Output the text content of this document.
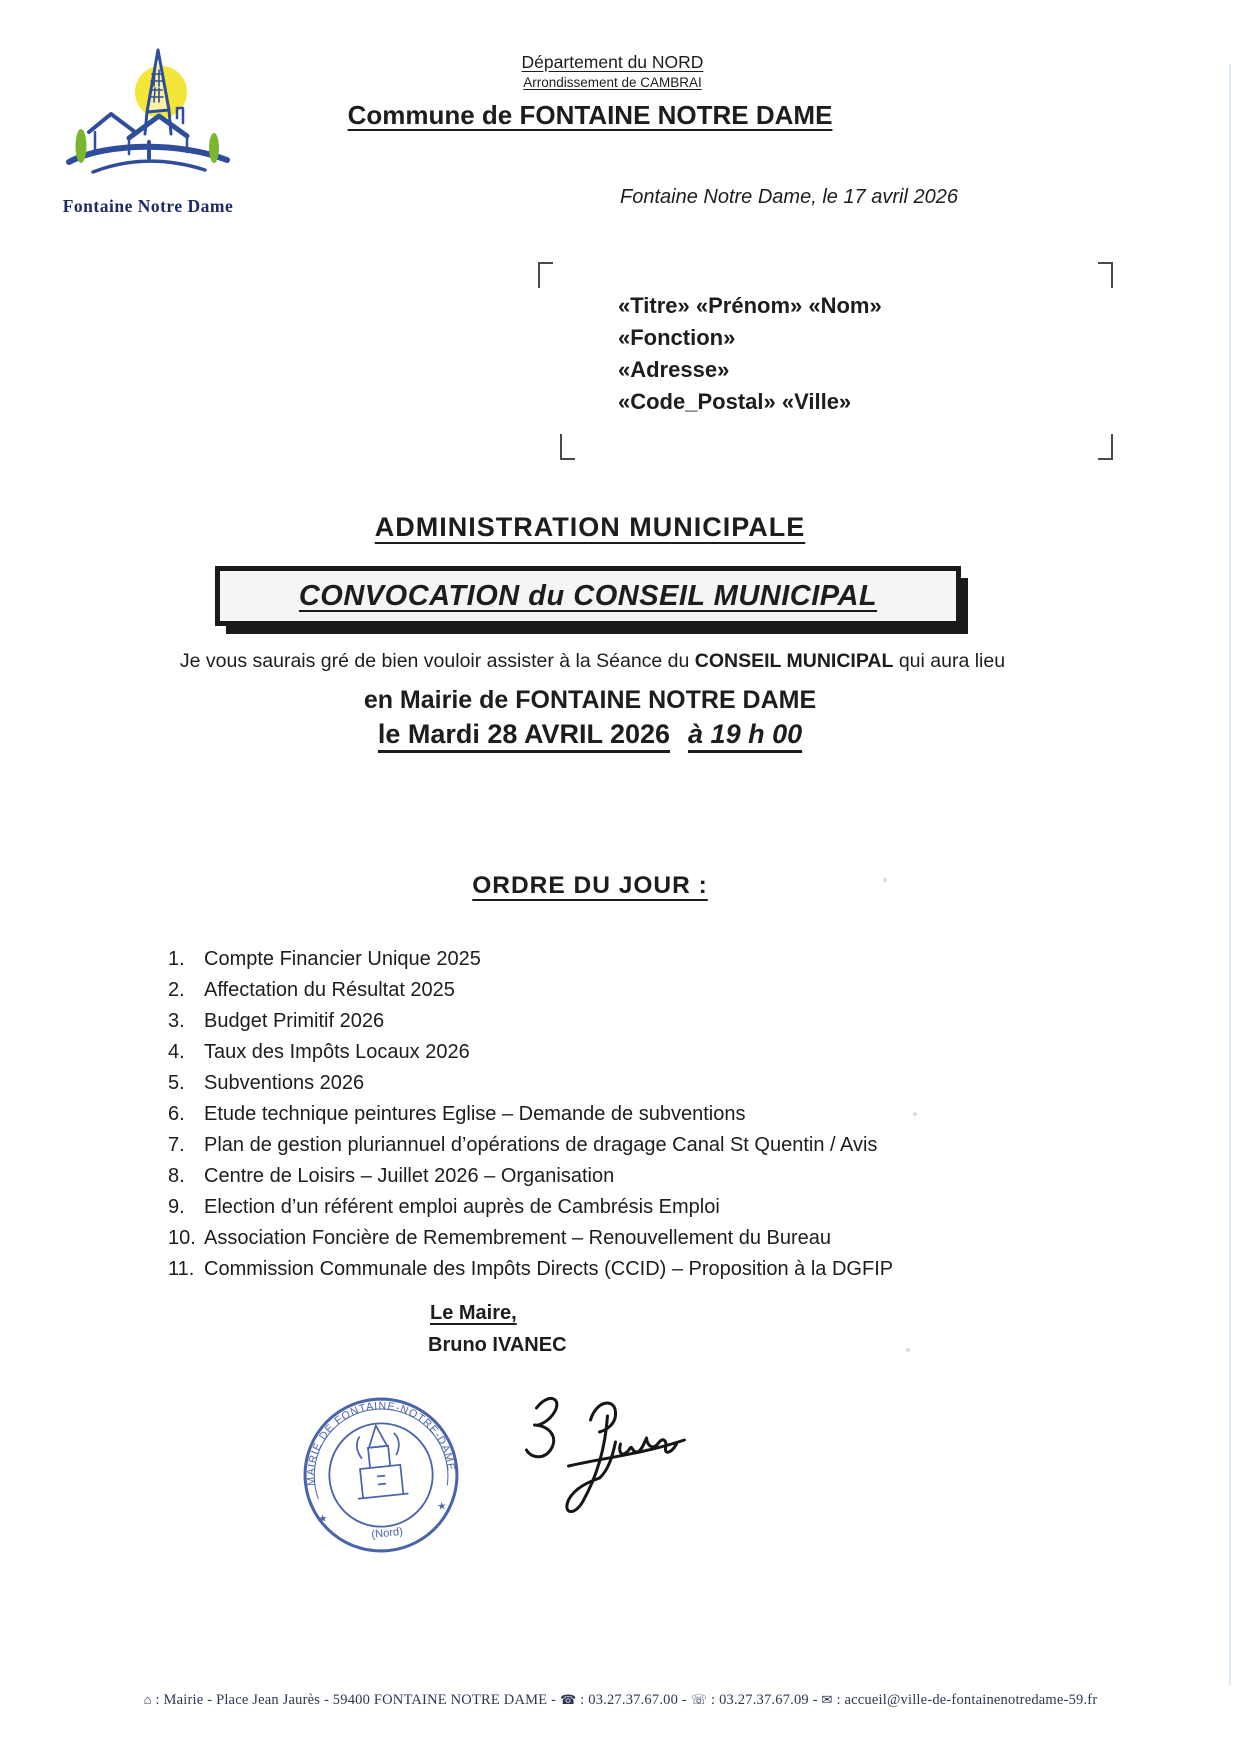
Fontaine Notre Dame
Département du NORD
Arrondissement de CAMBRAI
Commune de FONTAINE NOTRE DAME
Fontaine Notre Dame, le 17 avril 2026
«Titre» «Prénom» «Nom»
«Fonction»
«Adresse»
«Code_Postal» «Ville»
ADMINISTRATION MUNICIPALE
CONVOCATION du CONSEIL MUNICIPAL

Je vous saurais gré de bien vouloir assister à la Séance du CONSEIL MUNICIPAL qui aura lieu

en Mairie de FONTAINE NOTRE DAME
le Mardi 28 AVRIL 2026 à 19 h 00
ORDRE DU JOUR :
1. Compte Financier Unique 2025
2. Affectation du Résultat 2025
3. Budget Primitif 2026
4. Taux des Impôts Locaux 2026
5. Subventions 2026
6. Etude technique peintures Eglise – Demande de subventions
7. Plan de gestion pluriannuel d’opérations de dragage Canal St Quentin / Avis
8. Centre de Loisirs – Juillet 2026 – Organisation
9. Election d’un référent emploi auprès de Cambrésis Emploi
10. Association Foncière de Remembrement – Renouvellement du Bureau
11. Commission Communale des Impôts Directs (CCID) – Proposition à la DGFIP
Le Maire,
Bruno IVANEC
MAIRIE DE FONTAINE-NOTRE-DAME
(Nord)
★
★
⌂ : Mairie - Place Jean Jaurès - 59400 FONTAINE NOTRE DAME - ☎ : 03.27.37.67.00 - ☏ : 03.27.37.67.09 - ✉ : accueil@ville-de-fontainenotredame-59.fr
